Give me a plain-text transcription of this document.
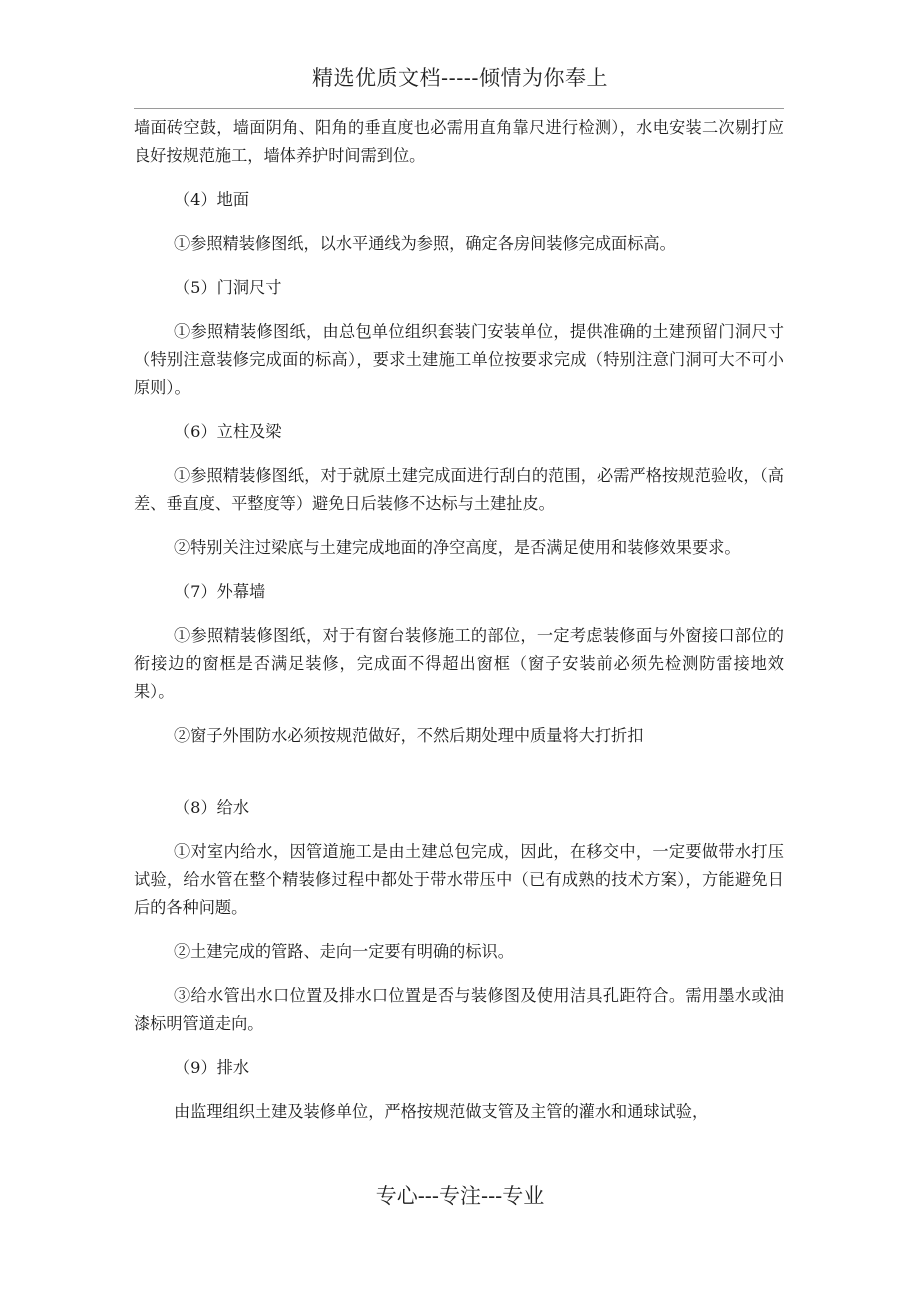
精选优质文档-----倾情为你奉上

墙面砖空鼓，墙面阴角、阳角的垂直度也必需用直角靠尺进行检测），水电安装二次剔打应良好按规范施工，墙体养护时间需到位。

（4）地面

①参照精装修图纸，以水平通线为参照，确定各房间装修完成面标高。

（5）门洞尺寸

①参照精装修图纸，由总包单位组织套装门安装单位，提供准确的土建预留门洞尺寸（特别注意装修完成面的标高），要求土建施工单位按要求完成（特别注意门洞可大不可小原则）。

（6）立柱及梁

①参照精装修图纸，对于就原土建完成面进行刮白的范围，必需严格按规范验收，（高差、垂直度、平整度等）避免日后装修不达标与土建扯皮。

②特别关注过梁底与土建完成地面的净空高度，是否满足使用和装修效果要求。

（7）外幕墙

①参照精装修图纸，对于有窗台装修施工的部位，一定考虑装修面与外窗接口部位的衔接边的窗框是否满足装修，完成面不得超出窗框（窗子安装前必须先检测防雷接地效果）。

②窗子外围防水必须按规范做好，不然后期处理中质量将大打折扣

（8）给水

①对室内给水，因管道施工是由土建总包完成，因此，在移交中，一定要做带水打压试验，给水管在整个精装修过程中都处于带水带压中（已有成熟的技术方案），方能避免日后的各种问题。

②土建完成的管路、走向一定要有明确的标识。

③给水管出水口位置及排水口位置是否与装修图及使用洁具孔距符合。需用墨水或油漆标明管道走向。

（9）排水

由监理组织土建及装修单位，严格按规范做支管及主管的灌水和通球试验，

专心---专注---专业
